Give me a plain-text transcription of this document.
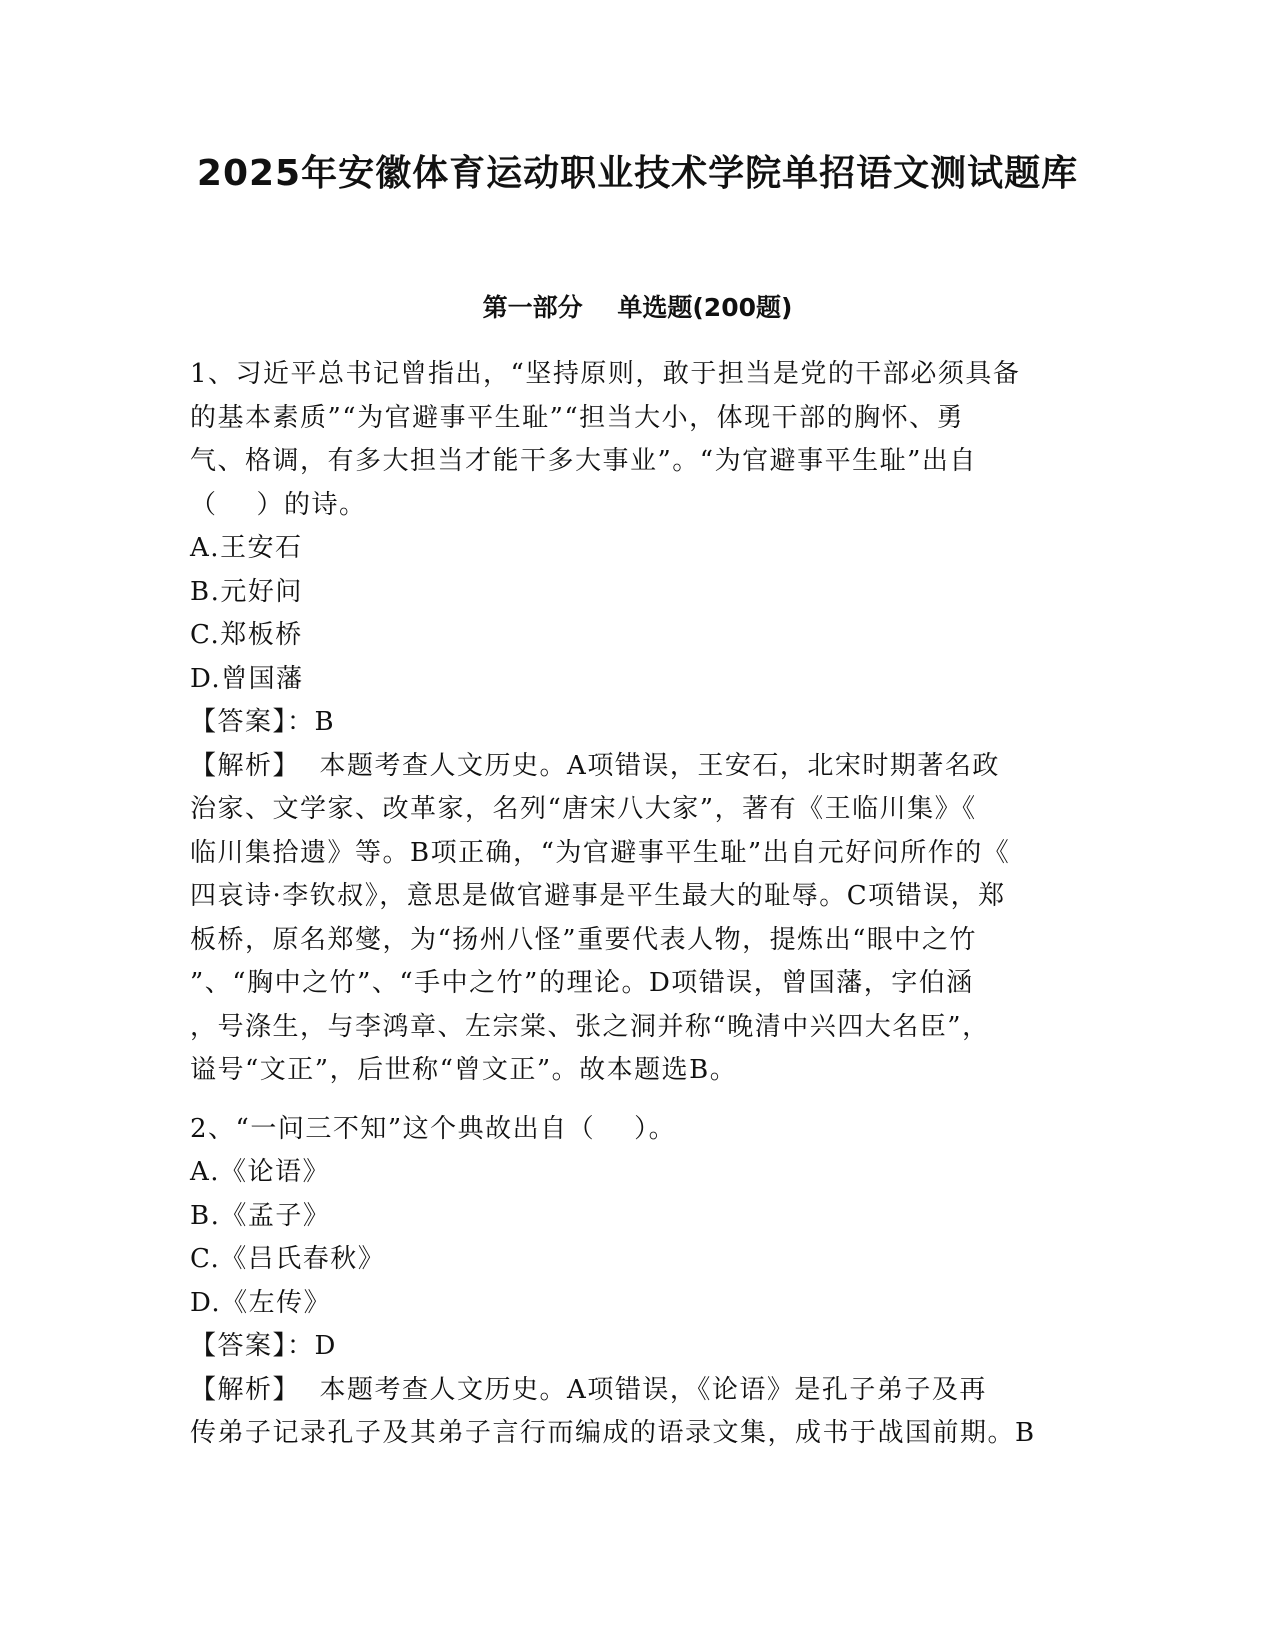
2025年安徽体育运动职业技术学院单招语文测试题库
第一部分    单选题(200题)
1、习近平总书记曾指出，“坚持原则，敢于担当是党的干部必须具备
的基本素质”“为官避事平生耻”“担当大小，体现干部的胸怀、勇
气、格调，有多大担当才能干多大事业”。“为官避事平生耻”出自
（    ）的诗。
A.王安石
B.元好问
C.郑板桥
D.曾国藩
【答案】：B
【解析】  本题考查人文历史。A项错误，王安石，北宋时期著名政
治家、文学家、改革家，名列“唐宋八大家”，著有《王临川集》《
临川集拾遗》等。B项正确，“为官避事平生耻”出自元好问所作的《
四哀诗·李钦叔》，意思是做官避事是平生最大的耻辱。C项错误，郑
板桥，原名郑燮，为“扬州八怪”重要代表人物，提炼出“眼中之竹
”、“胸中之竹”、“手中之竹”的理论。D项错误，曾国藩，字伯涵
，号涤生，与李鸿章、左宗棠、张之洞并称“晚清中兴四大名臣”，
谥号“文正”，后世称“曾文正”。故本题选B。
2、“一问三不知”这个典故出自（    ）。
A.《论语》
B.《孟子》
C.《吕氏春秋》
D.《左传》
【答案】：D
【解析】  本题考查人文历史。A项错误，《论语》是孔子弟子及再
传弟子记录孔子及其弟子言行而编成的语录文集，成书于战国前期。B
